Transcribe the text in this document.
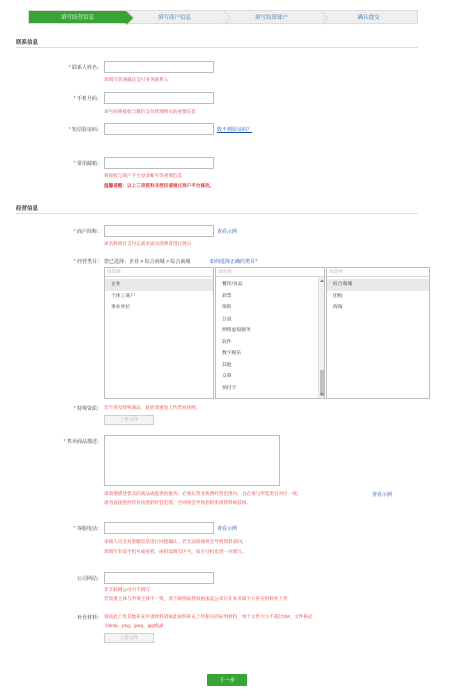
填写经营信息	填写商户信息	填写结算账户	确认提交
联系信息
* 联系人姓名：
请填写普通微信支付业务联系人
* 手机号码：
该号码将接收与微信支付管理相关的重要信息
* 短信验证码：	收不到验证码？
* 常用邮箱：
将接收与商户平台登录帐号等重要信息
温馨提醒：以上三项资料非授权请通过商户平台修改。
经营信息
* 商户简称：	查看示例
该名称将在支付完成页面向消费者进行展示
* 经营类目： 您已选择：企业 > 综合商城 > 综合商城	如何选择正确的类目？
请选择
企业
个体工商户
事业单位
请选择
餐饮/食品
彩票
保险
公益
网络虚拟服务
软件
数字娱乐
其他
众筹
预付卡
请选择
综合商城
团购
海淘
* 特殊资质： 若不涉及特殊商品，此处请重复上传营业执照。
上传文件
* 售卖商品描述：
请简要描述售卖的商品或提供的服务，必须在营业执照经营范围内，且必须与所选类目对应一致。	查看示例
请勿直接照抄营业执照的经营范围，否则将会导致您的申请资料被驳回。
* 客服电话：	查看示例
审核人员会对客服电话进行回拨确认，若无法接通将会导致资料驳回，
请填写有效手机号或座机，座机需填写区号，如有分机也请一并填写。
公司网站：
非互联网公司可不填写
若需要主体与申请主体不一致，请下载网站授权函加盖公章后在本页最下方补充材料处上传
补充材料： 请按此上传其他补充申请材料请按此说明补充上传相关的证明材料，单个文件大小不超过2M，文件格式
为bmp、png、jpeg、jpg或gif
上传文件
下一步
